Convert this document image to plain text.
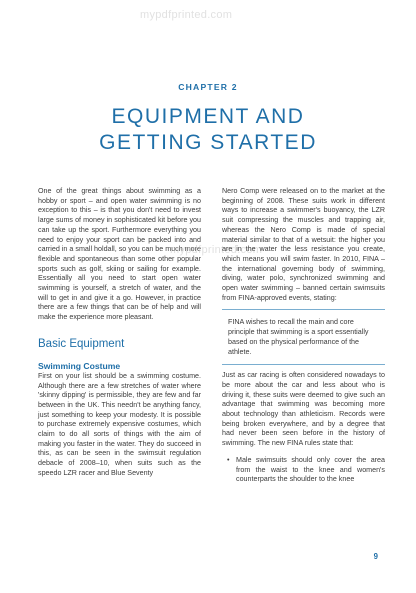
mypdfprinted.com
CHAPTER 2
EQUIPMENT AND
GETTING STARTED

One of the great things about swimming as a hobby or sport – and open water swimming is no exception to this – is that you don't need to invest large sums of money in sophisticated kit before you can take up the sport. Furthermore everything you need to enjoy your sport can be packed into and carried in a small holdall, so you can be much more flexible and spontaneous than some other popular sports such as golf, skiing or sailing for example. Essentially all you need to start open water swimming is yourself, a stretch of water, and the will to get in and give it a go. However, in practice there are a few things that can be of help and will make the experience more pleasant.

Basic Equipment
Swimming Costume

First on your list should be a swimming costume. Although there are a few stretches of water where 'skinny dipping' is permissible, they are few and far between in the UK. This needn't be anything fancy, just something to keep your modesty. It is possible to purchase extremely expensive costumes, which claim to do all sorts of things with the aim of making you faster in the water. They do succeed in this, as can be seen in the swimsuit regulation debacle of 2008–10, when suits such as the speedo LZR racer and Blue Seventy

mypdfprinted.com

Nero Comp were released on to the market at the beginning of 2008. These suits work in different ways to increase a swimmer's buoyancy, the LZR suit compressing the muscles and trapping air, whereas the Nero Comp is made of special material similar to that of a wetsuit: the higher you are in the water the less resistance you create, which means you will swim faster. In 2010, FINA – the international governing body of swimming, diving, water polo, synchronized swimming and open water swimming – banned certain swimsuits from FINA-approved events, stating:

FINA wishes to recall the main and core principle that swimming is a sport essentially based on the physical performance of the athlete.

Just as car racing is often considered nowadays to be more about the car and less about who is driving it, these suits were deemed to give such an advantage that swimming was becoming more about technology than athleticism. Records were being broken everywhere, and by a degree that had never been seen before in the history of swimming. The new FINA rules state that:

• Male swimsuits should only cover the area from the waist to the knee and women's counterparts the shoulder to the knee
9
